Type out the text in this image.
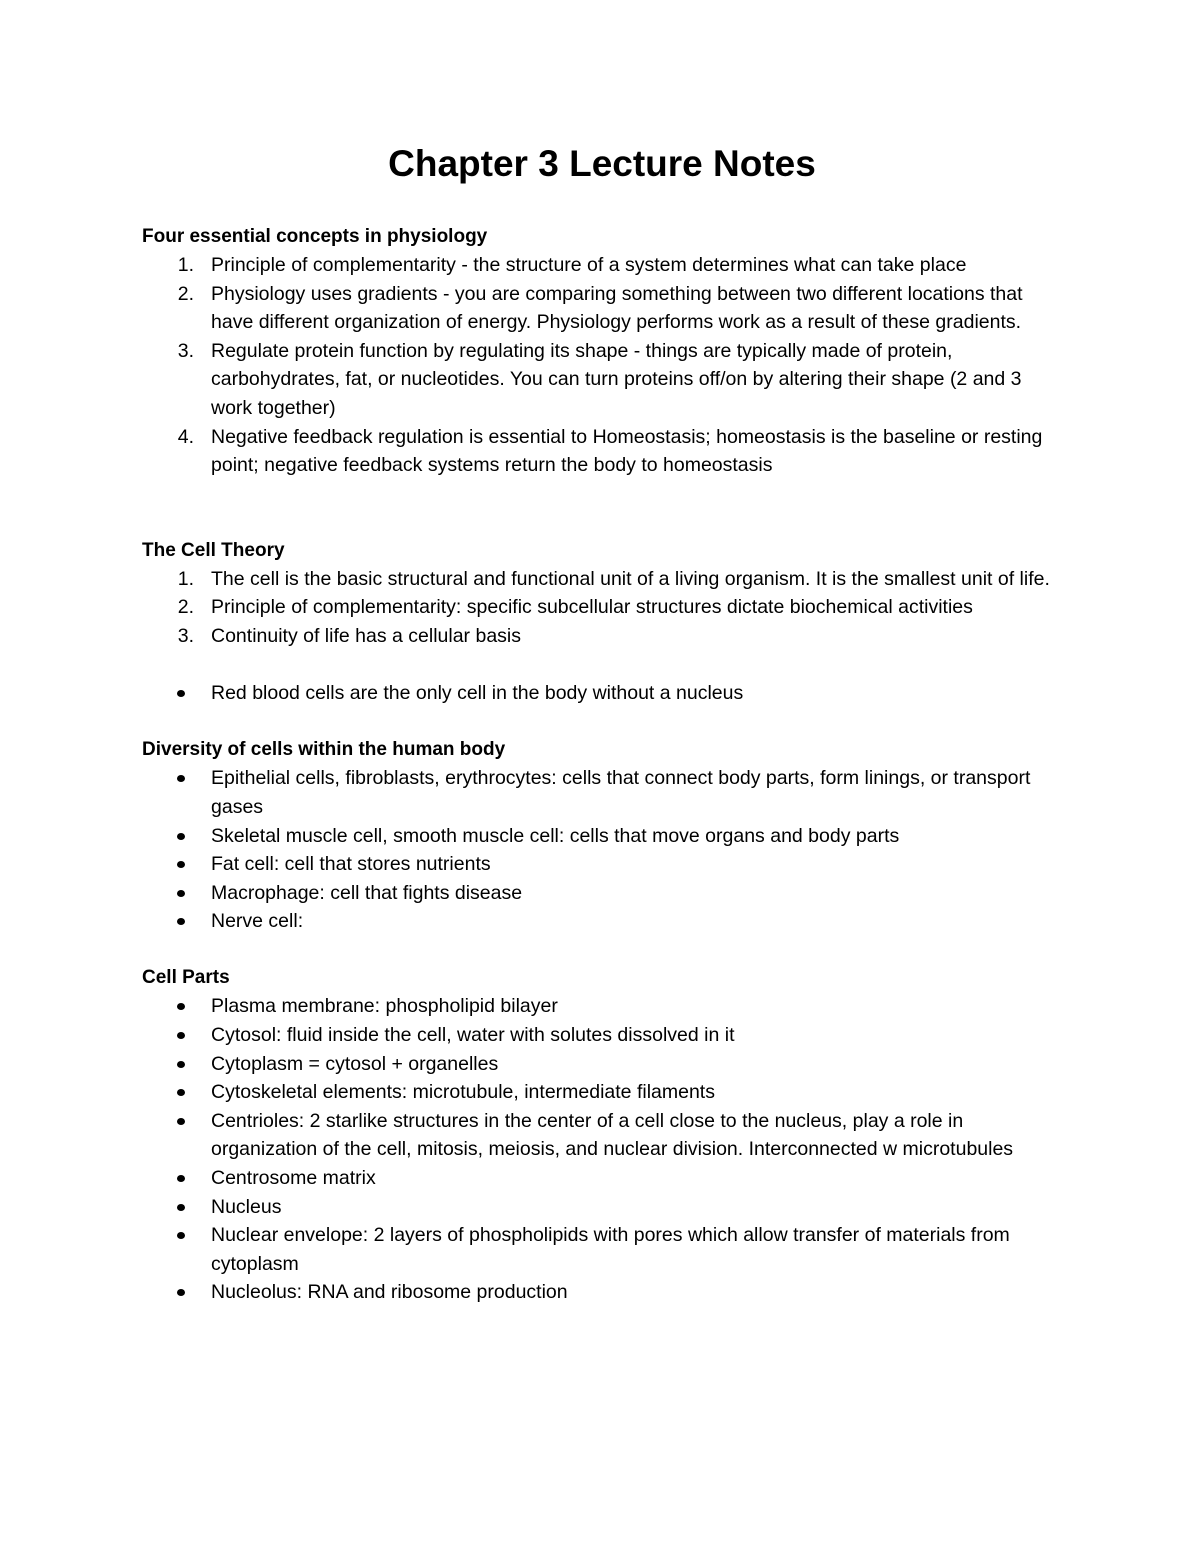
Chapter 3 Lecture Notes
Four essential concepts in physiology
1. Principle of complementarity - the structure of a system determines what can take place
2. Physiology uses gradients - you are comparing something between two different locations that have different organization of energy. Physiology performs work as a result of these gradients.
3. Regulate protein function by regulating its shape - things are typically made of protein, carbohydrates, fat, or nucleotides. You can turn proteins off/on by altering their shape (2 and 3 work together)
4. Negative feedback regulation is essential to Homeostasis; homeostasis is the baseline or resting point; negative feedback systems return the body to homeostasis
The Cell Theory
1. The cell is the basic structural and functional unit of a living organism. It is the smallest unit of life.
2. Principle of complementarity: specific subcellular structures dictate biochemical activities
3. Continuity of life has a cellular basis
Red blood cells are the only cell in the body without a nucleus
Diversity of cells within the human body
Epithelial cells, fibroblasts, erythrocytes: cells that connect body parts, form linings, or transport gases
Skeletal muscle cell, smooth muscle cell: cells that move organs and body parts
Fat cell: cell that stores nutrients
Macrophage: cell that fights disease
Nerve cell:
Cell Parts
Plasma membrane: phospholipid bilayer
Cytosol: fluid inside the cell, water with solutes dissolved in it
Cytoplasm = cytosol + organelles
Cytoskeletal elements: microtubule, intermediate filaments
Centrioles: 2 starlike structures in the center of a cell close to the nucleus, play a role in organization of the cell, mitosis, meiosis, and nuclear division. Interconnected w microtubules
Centrosome matrix
Nucleus
Nuclear envelope: 2 layers of phospholipids with pores which allow transfer of materials from cytoplasm
Nucleolus: RNA and ribosome production
